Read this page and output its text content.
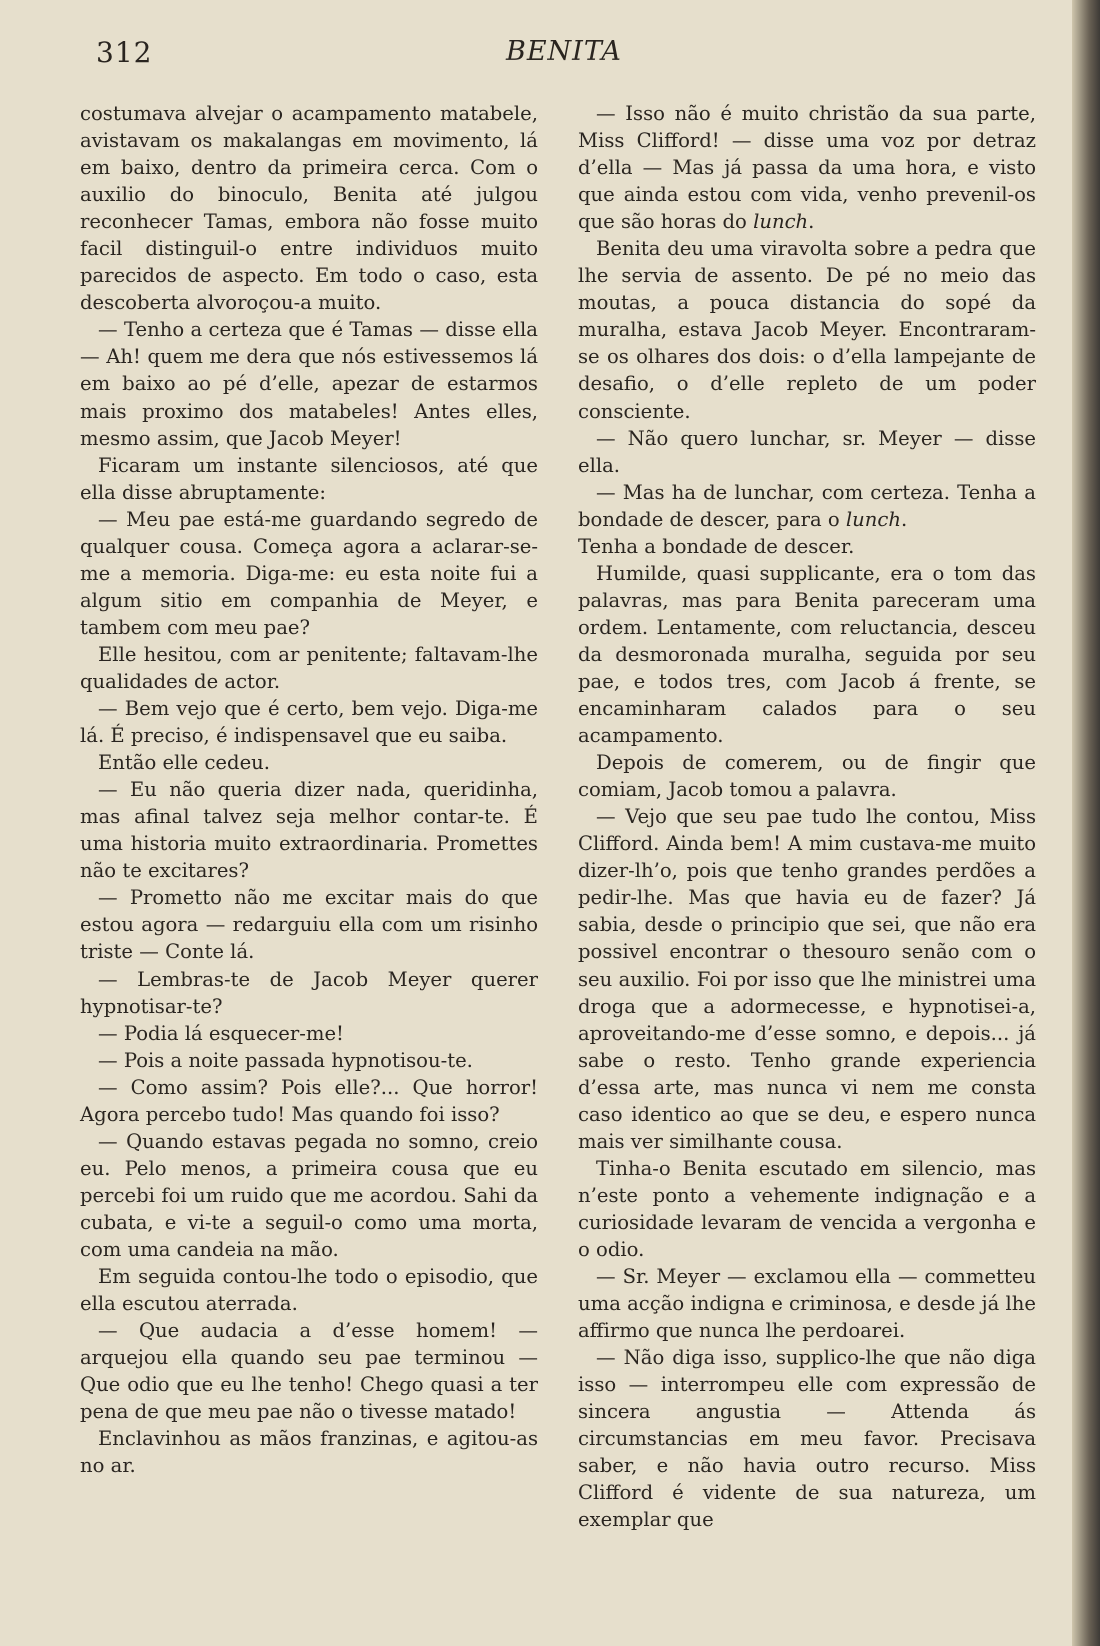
312	BENITA

costumava alvejar o acampamento matabele, avistavam os makalangas em movimento, lá em baixo, dentro da primeira cerca. Com o auxilio do binoculo, Benita até julgou reconhecer Tamas, embora não fosse muito facil distinguil-o entre individuos muito parecidos de aspecto. Em todo o caso, esta descoberta alvoroçou-a muito.

— Tenho a certeza que é Tamas — disse ella — Ah! quem me dera que nós estivessemos lá em baixo ao pé d’elle, apezar de estarmos mais proximo dos matabeles! Antes elles, mesmo assim, que Jacob Meyer!

Ficaram um instante silenciosos, até que ella disse abruptamente:

— Meu pae está-me guardando segredo de qualquer cousa. Começa agora a aclarar-se-me a memoria. Diga-me: eu esta noite fui a algum sitio em companhia de Meyer, e tambem com meu pae?

Elle hesitou, com ar penitente; faltavam-lhe qualidades de actor.

— Bem vejo que é certo, bem vejo. Diga-me lá. É preciso, é indispensavel que eu saiba.

Então elle cedeu.

— Eu não queria dizer nada, queridinha, mas afinal talvez seja melhor contar-te. É uma historia muito extraordinaria. Promettes não te excitares?

— Prometto não me excitar mais do que estou agora — redarguiu ella com um risinho triste — Conte lá.

— Lembras-te de Jacob Meyer querer hypnotisar-te?

— Podia lá esquecer-me!

— Pois a noite passada hypnotisou-te.

— Como assim? Pois elle?... Que horror! Agora percebo tudo! Mas quando foi isso?

— Quando estavas pegada no somno, creio eu. Pelo menos, a primeira cousa que eu percebi foi um ruido que me acordou. Sahi da cubata, e vi-te a seguil-o como uma morta, com uma candeia na mão.

Em seguida contou-lhe todo o episodio, que ella escutou aterrada.

— Que audacia a d’esse homem! — arquejou ella quando seu pae terminou — Que odio que eu lhe tenho! Chego quasi a ter pena de que meu pae não o tivesse matado!

Enclavinhou as mãos franzinas, e agitou-as no ar.

— Isso não é muito christão da sua parte, Miss Clifford! — disse uma voz por detraz d’ella — Mas já passa da uma hora, e visto que ainda estou com vida, venho prevenil-os que são horas do lunch.

Benita deu uma viravolta sobre a pedra que lhe servia de assento. De pé no meio das moutas, a pouca distancia do sopé da muralha, estava Jacob Meyer. Encontraram-se os olhares dos dois: o d’ella lampejante de desafio, o d’elle repleto de um poder consciente.

— Não quero lunchar, sr. Meyer — disse ella.

— Mas ha de lunchar, com certeza. Tenha a bondade de descer, para o lunch.

Tenha a bondade de descer.

Humilde, quasi supplicante, era o tom das palavras, mas para Benita pareceram uma ordem. Lentamente, com reluctancia, desceu da desmoronada muralha, seguida por seu pae, e todos tres, com Jacob á frente, se encaminharam calados para o seu acampamento.

Depois de comerem, ou de fingir que comiam, Jacob tomou a palavra.

— Vejo que seu pae tudo lhe contou, Miss Clifford. Ainda bem! A mim custava-me muito dizer-lh’o, pois que tenho grandes perdões a pedir-lhe. Mas que havia eu de fazer? Já sabia, desde o principio que sei, que não era possivel encontrar o thesouro senão com o seu auxilio. Foi por isso que lhe ministrei uma droga que a adormecesse, e hypnotisei-a, aproveitando-me d’esse somno, e depois... já sabe o resto. Tenho grande experiencia d’essa arte, mas nunca vi nem me consta caso identico ao que se deu, e espero nunca mais ver similhante cousa.

Tinha-o Benita escutado em silencio, mas n’este ponto a vehemente indignação e a curiosidade levaram de vencida a vergonha e o odio.

— Sr. Meyer — exclamou ella — commetteu uma acção indigna e criminosa, e desde já lhe affirmo que nunca lhe perdoarei.

— Não diga isso, supplico-lhe que não diga isso — interrompeu elle com expressão de sincera angustia — Attenda ás circumstancias em meu favor. Precisava saber, e não havia outro recurso. Miss Clifford é vidente de sua natureza, um exemplar que
